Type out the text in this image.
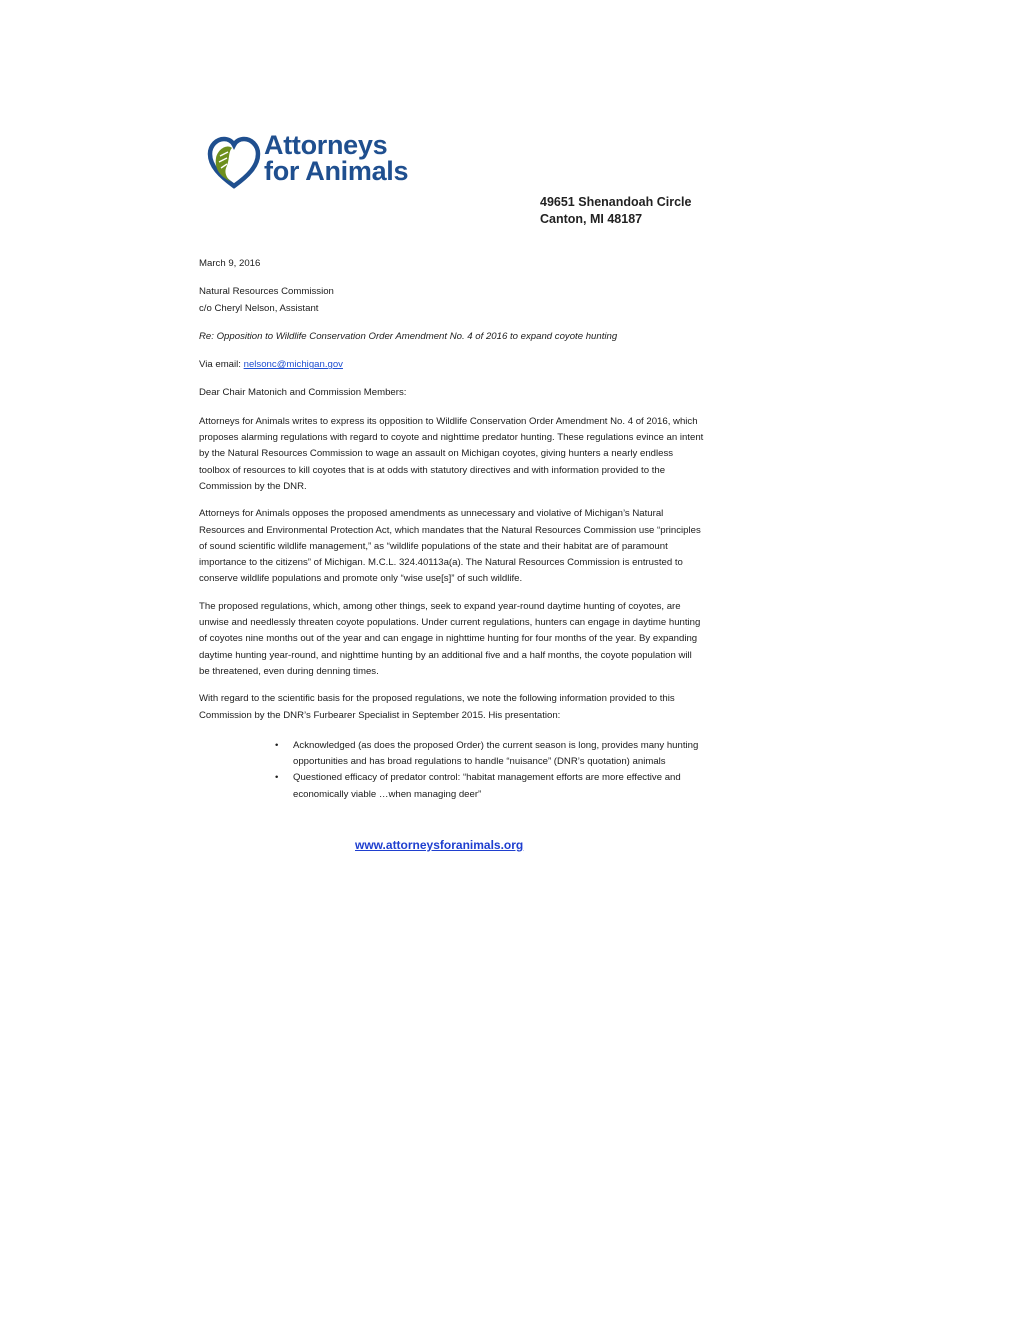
Attorneys
for Animals
49651 Shenandoah Circle
Canton, MI 48187

March 9, 2016

Natural Resources Commission
c/o Cheryl Nelson, Assistant

Re: Opposition to Wildlife Conservation Order Amendment No. 4 of 2016 to expand coyote hunting

Via email: nelsonc@michigan.gov

Dear Chair Matonich and Commission Members:

Attorneys for Animals writes to express its opposition to Wildlife Conservation Order Amendment No. 4 of 2016, which proposes alarming regulations with regard to coyote and nighttime predator hunting. These regulations evince an intent by the Natural Resources Commission to wage an assault on Michigan coyotes, giving hunters a nearly endless toolbox of resources to kill coyotes that is at odds with statutory directives and with information provided to the Commission by the DNR.

Attorneys for Animals opposes the proposed amendments as unnecessary and violative of Michigan’s Natural Resources and Environmental Protection Act, which mandates that the Natural Resources Commission use “principles of sound scientific wildlife management,” as “wildlife populations of the state and their habitat are of paramount importance to the citizens” of Michigan. M.C.L. 324.40113a(a). The Natural Resources Commission is entrusted to conserve wildlife populations and promote only “wise use[s]” of such wildlife.

The proposed regulations, which, among other things, seek to expand year-round daytime hunting of coyotes, are unwise and needlessly threaten coyote populations. Under current regulations, hunters can engage in daytime hunting of coyotes nine months out of the year and can engage in nighttime hunting for four months of the year. By expanding daytime hunting year-round, and nighttime hunting by an additional five and a half months, the coyote population will be threatened, even during denning times.

With regard to the scientific basis for the proposed regulations, we note the following information provided to this Commission by the DNR’s Furbearer Specialist in September 2015. His presentation:

• Acknowledged (as does the proposed Order) the current season is long, provides many hunting opportunities and has broad regulations to handle “nuisance” (DNR’s quotation) animals
• Questioned efficacy of predator control: “habitat management efforts are more effective and economically viable …when managing deer”
www.attorneysforanimals.org
